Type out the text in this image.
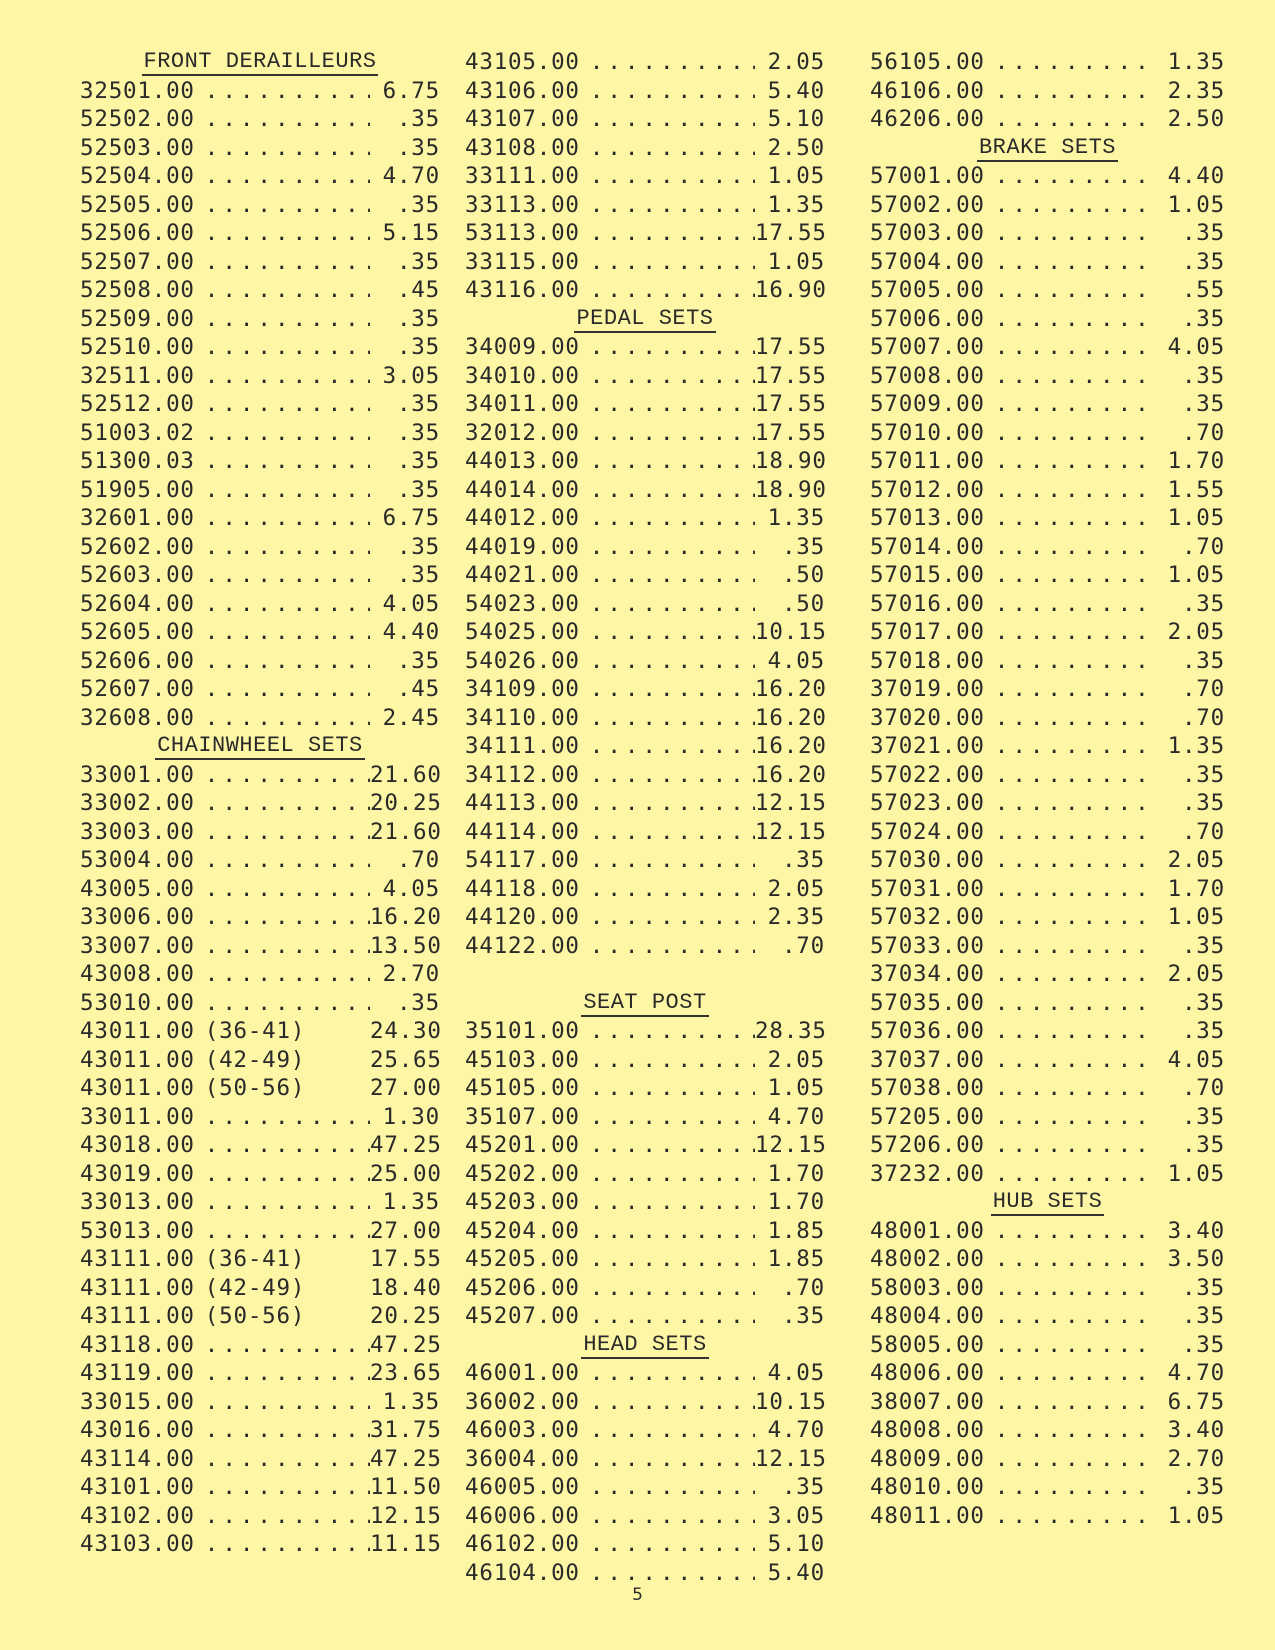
FRONT DERAILLEURS
32501.00 .....	6.75
52502.00 .....	.35
52503.00 .....	.35
52504.00 .....	4.70
52505.00 .....	.35
52506.00 .....	5.15
52507.00 .....	.35
52508.00 .....	.45
52509.00 .....	.35
52510.00 .....	.35
32511.00 .....	3.05
52512.00 .....	.35
51003.02 .....	.35
51300.03 .....	.35
51905.00 .....	.35
32601.00 .....	6.75
52602.00 .....	.35
52603.00 .....	.35
52604.00 .....	4.05
52605.00 .....	4.40
52606.00 .....	.35
52607.00 .....	.45
32608.00 .....	2.45
CHAINWHEEL SETS
33001.00 .....	21.60
33002.00 .....	20.25
33003.00 .....	21.60
53004.00 .....	.70
43005.00 .....	4.05
33006.00 .....	16.20
33007.00 .....	13.50
43008.00 .....	2.70
53010.00 .....	.35
43011.00 (36-41)	24.30
43011.00 (42-49)	25.65
43011.00 (50-56)	27.00
33011.00 .....	1.30
43018.00 .....	47.25
43019.00 .....	25.00
33013.00 .....	1.35
53013.00 .....	27.00
43111.00 (36-41)	17.55
43111.00 (42-49)	18.40
43111.00 (50-56)	20.25
43118.00 .....	47.25
43119.00 .....	23.65
33015.00 .....	1.35
43016.00 .....	31.75
43114.00 .....	47.25
43101.00 .....	11.50
43102.00 .....	12.15
43103.00 .....	11.15
43105.00 .....	2.05
43106.00 .....	5.40
43107.00 .....	5.10
43108.00 .....	2.50
33111.00 .....	1.05
33113.00 .....	1.35
53113.00 .....	17.55
33115.00 .....	1.05
43116.00 .....	16.90
PEDAL SETS
34009.00 .....	17.55
34010.00 .....	17.55
34011.00 .....	17.55
32012.00 .....	17.55
44013.00 .....	18.90
44014.00 .....	18.90
44012.00 .....	1.35
44019.00 .....	.35
44021.00 .....	.50
54023.00 .....	.50
54025.00 .....	10.15
54026.00 .....	4.05
34109.00 .....	16.20
34110.00 .....	16.20
34111.00 .....	16.20
34112.00 .....	16.20
44113.00 .....	12.15
44114.00 .....	12.15
54117.00 .....	.35
44118.00 .....	2.05
44120.00 .....	2.35
44122.00 .....	.70
SEAT POST
35101.00 .....	28.35
45103.00 .....	2.05
45105.00 .....	1.05
35107.00 .....	4.70
45201.00 .....	12.15
45202.00 .....	1.70
45203.00 .....	1.70
45204.00 .....	1.85
45205.00 .....	1.85
45206.00 .....	.70
45207.00 .....	.35
HEAD SETS
46001.00 .....	4.05
36002.00 .....	10.15
46003.00 .....	4.70
36004.00 .....	12.15
46005.00 .....	.35
46006.00 .....	3.05
46102.00 .....	5.10
46104.00 .....	5.40
56105.00 .....	1.35
46106.00 .....	2.35
46206.00 .....	2.50
BRAKE SETS
57001.00 .....	4.40
57002.00 .....	1.05
57003.00 .....	.35
57004.00 .....	.35
57005.00 .....	.55
57006.00 .....	.35
57007.00 .....	4.05
57008.00 .....	.35
57009.00 .....	.35
57010.00 .....	.70
57011.00 .....	1.70
57012.00 .....	1.55
57013.00 .....	1.05
57014.00 .....	.70
57015.00 .....	1.05
57016.00 .....	.35
57017.00 .....	2.05
57018.00 .....	.35
37019.00 .....	.70
37020.00 .....	.70
37021.00 .....	1.35
57022.00 .....	.35
57023.00 .....	.35
57024.00 .....	.70
57030.00 .....	2.05
57031.00 .....	1.70
57032.00 .....	1.05
57033.00 .....	.35
37034.00 .....	2.05
57035.00 .....	.35
57036.00 .....	.35
37037.00 .....	4.05
57038.00 .....	.70
57205.00 .....	.35
57206.00 .....	.35
37232.00 .....	1.05
HUB SETS
48001.00 .....	3.40
48002.00 .....	3.50
58003.00 .....	.35
48004.00 .....	.35
58005.00 .....	.35
48006.00 .....	4.70
38007.00 .....	6.75
48008.00 .....	3.40
48009.00 .....	2.70
48010.00 .....	.35
48011.00 .....	1.05
5
